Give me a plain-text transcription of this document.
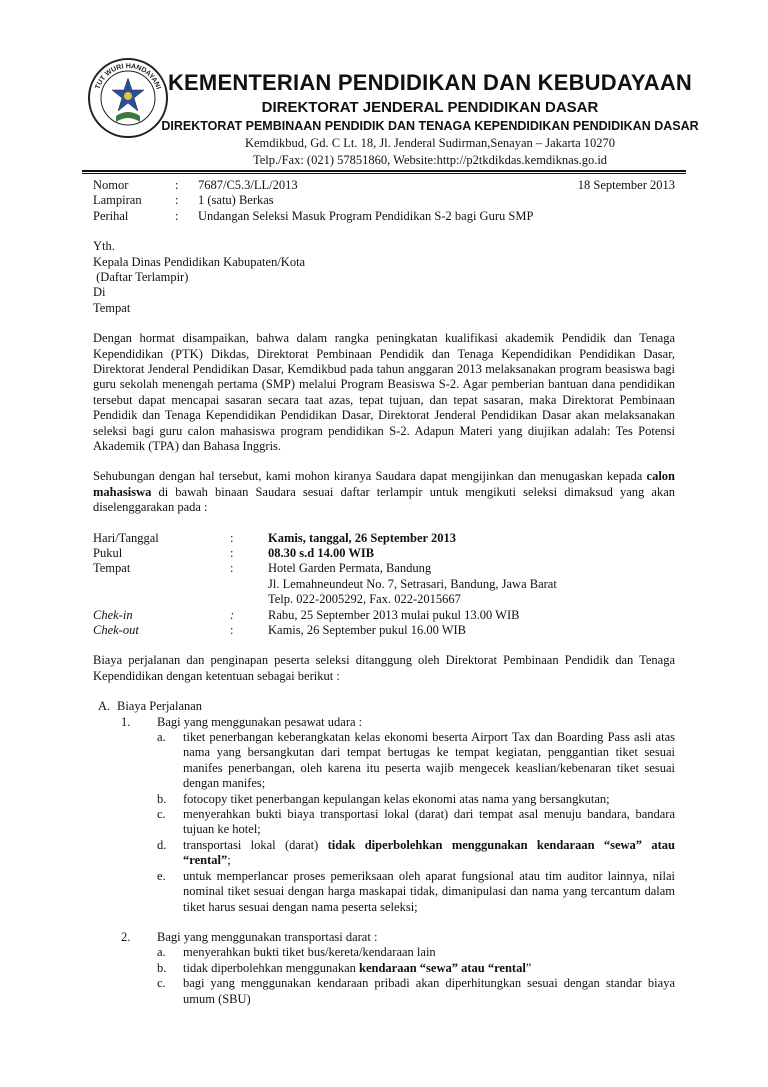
TUT WURI HANDAYANI KEMENTERIAN PENDIDIKAN DAN KEBUDAYAAN
DIREKTORAT JENDERAL PENDIDIKAN DASAR
DIREKTORAT PEMBINAAN PENDIDIK DAN TENAGA KEPENDIDIKAN PENDIDIKAN DASAR
Kemdikbud, Gd. C Lt. 18, Jl. Jenderal Sudirman,Senayan – Jakarta 10270
Telp./Fax: (021) 57851860, Website:http://p2tkdikdas.kemdiknas.go.id
Nomor	: 7687/C5.3/LL/2013	18 September 2013
Lampiran	: 1 (satu) Berkas
Perihal	: Undangan Seleksi Masuk Program Pendidikan S-2 bagi Guru SMP
Yth.
Kepala Dinas Pendidikan Kabupaten/Kota
(Daftar Terlampir)
Di
Tempat

Dengan hormat disampaikan, bahwa dalam rangka peningkatan kualifikasi akademik Pendidik dan Tenaga Kependidikan (PTK) Dikdas, Direktorat Pembinaan Pendidik dan Tenaga Kependidikan Pendidikan Dasar, Direktorat Jenderal Pendidikan Dasar, Kemdikbud pada tahun anggaran 2013 melaksanakan program beasiswa bagi guru sekolah menengah pertama (SMP) melalui Program Beasiswa S-2. Agar pemberian bantuan dana pendidikan tersebut dapat mencapai sasaran secara taat azas, tepat tujuan, dan tepat sasaran, maka Direktorat Pembinaan Pendidik dan Tenaga Kependidikan Pendidikan Dasar, Direktorat Jenderal Pendidikan Dasar akan melaksanakan seleksi bagi guru calon mahasiswa program pendidikan S-2. Adapun Materi yang diujikan adalah: Tes Potensi Akademik (TPA) dan Bahasa Inggris.

Sehubungan dengan hal tersebut, kami mohon kiranya Saudara dapat mengijinkan dan menugaskan kepada calon mahasiswa di bawah binaan Saudara sesuai daftar terlampir untuk mengikuti seleksi dimaksud yang akan diselenggarakan pada :

Hari/Tanggal	:	Kamis, tanggal, 26 September 2013
Pukul	:	08.30 s.d 14.00 WIB
Tempat	:	Hotel Garden Permata, Bandung
Jl. Lemahneundeut No. 7, Setrasari, Bandung, Jawa Barat
Telp. 022-2005292, Fax. 022-2015667
Chek-in	:	Rabu, 25 September 2013 mulai pukul 13.00 WIB
Chek-out	:	Kamis, 26 September pukul 16.00 WIB

Biaya perjalanan dan penginapan peserta seleksi ditanggung oleh Direktorat Pembinaan Pendidik dan Tenaga Kependidikan dengan ketentuan sebagai berikut :

A. Biaya Perjalanan
1.	Bagi yang menggunakan pesawat udara :
a.	tiket penerbangan keberangkatan kelas ekonomi beserta Airport Tax dan Boarding Pass asli atas nama yang bersangkutan dari tempat bertugas ke tempat kegiatan, penggantian tiket sesuai manifes penerbangan, oleh karena itu peserta wajib mengecek keaslian/kebenaran tiket sesuai dengan manifes;
b.	fotocopy tiket penerbangan kepulangan kelas ekonomi atas nama yang bersangkutan;
c.	menyerahkan bukti biaya transportasi lokal (darat) dari tempat asal menuju bandara, bandara tujuan ke hotel;
d.	transportasi lokal (darat) tidak diperbolehkan menggunakan kendaraan “sewa” atau “rental”;
e.	untuk memperlancar proses pemeriksaan oleh aparat fungsional atau tim auditor lainnya, nilai nominal tiket sesuai dengan harga maskapai tidak, dimanipulasi dan nama yang tercantum dalam tiket harus sesuai dengan nama peserta seleksi;
2.	Bagi yang menggunakan transportasi darat :
a.	menyerahkan bukti tiket bus/kereta/kendaraan lain
b.	tidak diperbolehkan menggunakan kendaraan “sewa” atau “rental”
c.	bagi yang menggunakan kendaraan pribadi akan diperhitungkan sesuai dengan standar biaya umum (SBU)
